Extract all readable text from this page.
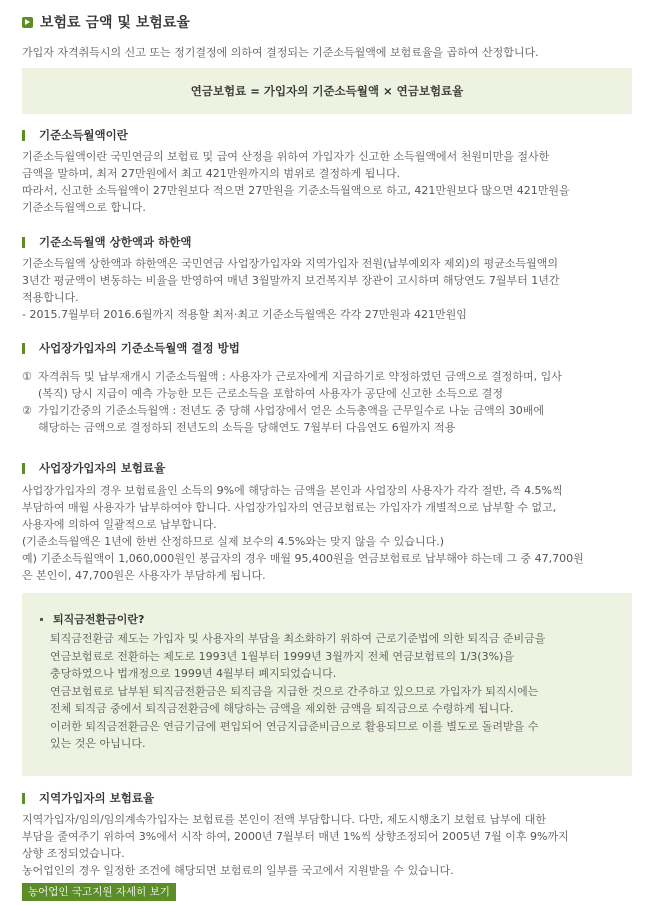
보험료 금액 및 보험료율
가입자 자격취득시의 신고 또는 정기결정에 의하여 결정되는 기준소득월액에 보험료율을 곱하여 산정합니다.
연금보험료 = 가입자의 기준소득월액 × 연금보험료율
기준소득월액이란

기준소득월액이란 국민연금의 보험료 및 급여 산정을 위하여 가입자가 신고한 소득월액에서 천원미만을 절사한

금액을 말하며, 최저 27만원에서 최고 421만원까지의 범위로 결정하게 됩니다.

따라서, 신고한 소득월액이 27만원보다 적으면 27만원을 기준소득월액으로 하고, 421만원보다 많으면 421만원을

기준소득월액으로 합니다.

기준소득월액 상한액과 하한액

기준소득월액 상한액과 하한액은 국민연금 사업장가입자와 지역가입자 전원(납부예외자 제외)의 평균소득월액의

3년간 평균액이 변동하는 비율을 반영하여 매년 3월말까지 보건복지부 장관이 고시하며 해당연도 7월부터 1년간

적용합니다.

- 2015.7월부터 2016.6월까지 적용할 최저·최고 기준소득월액은 각각 27만원과 421만원임

사업장가입자의 기준소득월액 결정 방법
① 자격취득 및 납부재개시 기준소득월액 : 사용자가 근로자에게 지급하기로 약정하였던 금액으로 결정하며, 입사

(복직) 당시 지급이 예측 가능한 모든 근로소득을 포함하여 사용자가 공단에 신고한 소득으로 결정

② 가입기간중의 기준소득월액 : 전년도 중 당해 사업장에서 얻은 소득총액을 근무일수로 나눈 금액의 30배에

해당하는 금액으로 결정하되 전년도의 소득을 당해연도 7월부터 다음연도 6월까지 적용

사업장가입자의 보험료율

사업장가입자의 경우 보험료율인 소득의 9%에 해당하는 금액을 본인과 사업장의 사용자가 각각 절반, 즉 4.5%씩

부담하여 매월 사용자가 납부하여야 합니다. 사업장가입자의 연금보험료는 가입자가 개별적으로 납부할 수 없고,

사용자에 의하여 일괄적으로 납부합니다.

(기준소득월액은 1년에 한번 산정하므로 실제 보수의 4.5%와는 맞지 않을 수 있습니다.)

예) 기준소득월액이 1,060,000원인 봉급자의 경우 매월 95,400원을 연금보험료로 납부해야 하는데 그 중 47,700원

은 본인이, 47,700원은 사용자가 부담하게 됩니다.

퇴직금전환금이란?

퇴직금전환금 제도는 가입자 및 사용자의 부담을 최소화하기 위하여 근로기준법에 의한 퇴직금 준비금을

연금보험료로 전환하는 제도로 1993년 1월부터 1999년 3월까지 전체 연금보험료의 1/3(3%)을

충당하였으나 법개정으로 1999년 4월부터 폐지되었습니다.

연금보험료로 납부된 퇴직금전환금은 퇴직금을 지급한 것으로 간주하고 있으므로 가입자가 퇴직시에는

전체 퇴직금 중에서 퇴직금전환금에 해당하는 금액을 제외한 금액을 퇴직금으로 수령하게 됩니다.

이러한 퇴직금전환금은 연금기금에 편입되어 연금지급준비금으로 활용되므로 이를 별도로 돌려받을 수

있는 것은 아닙니다.

지역가입자의 보험료율

지역가입자/임의/임의계속가입자는 보험료를 본인이 전액 부담합니다. 다만, 제도시행초기 보험료 납부에 대한

부담을 줄여주기 위하여 3%에서 시작 하여, 2000년 7월부터 매년 1%씩 상향조정되어 2005년 7월 이후 9%까지

상향 조정되었습니다.

농어업인의 경우 일정한 조건에 해당되면 보험료의 일부를 국고에서 지원받을 수 있습니다.

농어업인 국고지원 자세히 보기
